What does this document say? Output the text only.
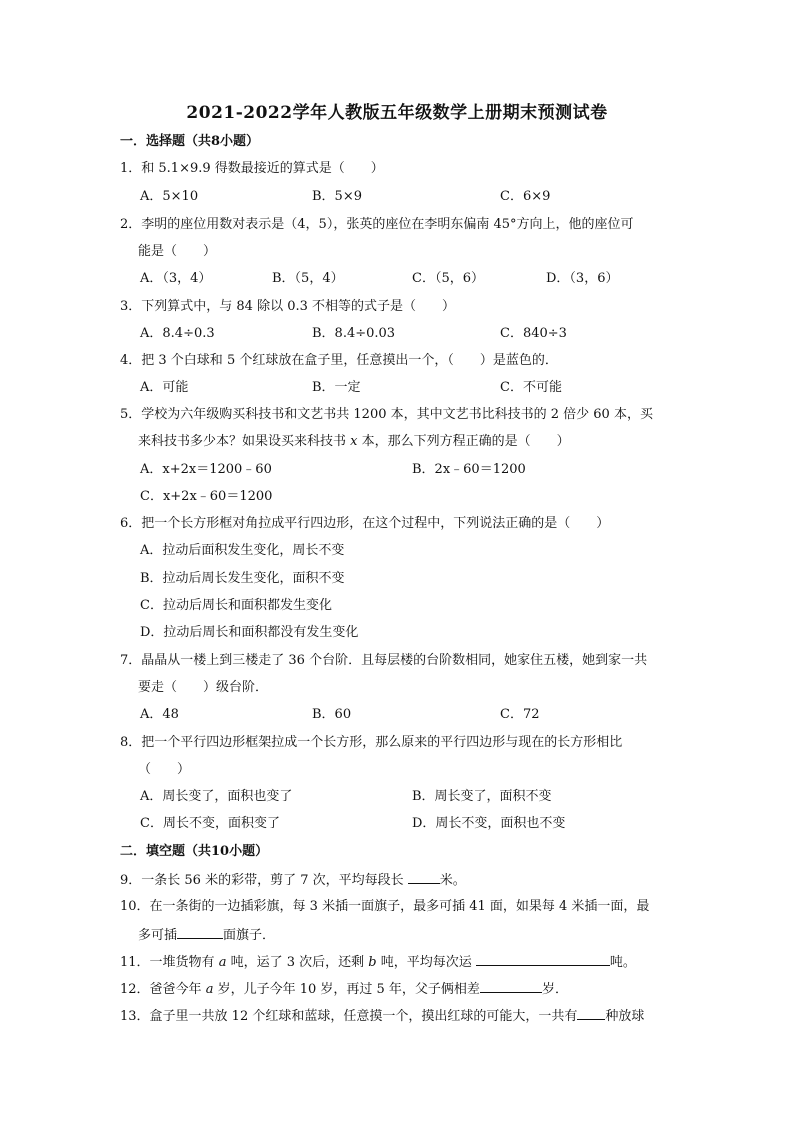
2021-2022学年人教版五年级数学上册期末预测试卷
一．选择题（共8小题）
1．和 5.1×9.9 得数最接近的算式是（　　）
A．5×10	B．5×9	C．6×9
2．李明的座位用数对表示是（4，5），张英的座位在李明东偏南 45°方向上，他的座位可
能是（　　）
A．（3，4）	B．（5，4）	C．（5，6）	D．（3，6）
3．下列算式中，与 84 除以 0.3 不相等的式子是（　　）
A．8.4÷0.3	B．8.4÷0.03	C．840÷3
4．把 3 个白球和 5 个红球放在盒子里，任意摸出一个，（　　）是蓝色的．
A．可能	B．一定	C．不可能
5．学校为六年级购买科技书和文艺书共 1200 本，其中文艺书比科技书的 2 倍少 60 本，买
来科技书多少本？如果设买来科技书 x 本，那么下列方程正确的是（　　）
A．x+2x＝1200﹣60	B．2x﹣60＝1200
C．x+2x﹣60＝1200
6．把一个长方形框对角拉成平行四边形，在这个过程中，下列说法正确的是（　　）
A．拉动后面积发生变化，周长不变
B．拉动后周长发生变化，面积不变
C．拉动后周长和面积都发生变化
D．拉动后周长和面积都没有发生变化
7．晶晶从一楼上到三楼走了 36 个台阶．且每层楼的台阶数相同，她家住五楼，她到家一共
要走（　　）级台阶．
A．48	B．60	C．72
8．把一个平行四边形框架拉成一个长方形，那么原来的平行四边形与现在的长方形相比
（　　）
A．周长变了，面积也变了	B．周长变了，面积不变
C．周长不变，面积变了	D．周长不变，面积也不变
二．填空题（共10小题）
9．一条长 56 米的彩带，剪了 7 次，平均每段长 米。
10．在一条街的一边插彩旗，每 3 米插一面旗子，最多可插 41 面，如果每 4 米插一面，最
多可插	面旗子．
11．一堆货物有 a 吨，运了 3 次后，还剩 b 吨，平均每次运	吨。
12．爸爸今年 a 岁，儿子今年 10 岁，再过 5 年，父子俩相差	岁．
13．盒子里一共放 12 个红球和蓝球，任意摸一个，摸出红球的可能大，一共有 种放球
